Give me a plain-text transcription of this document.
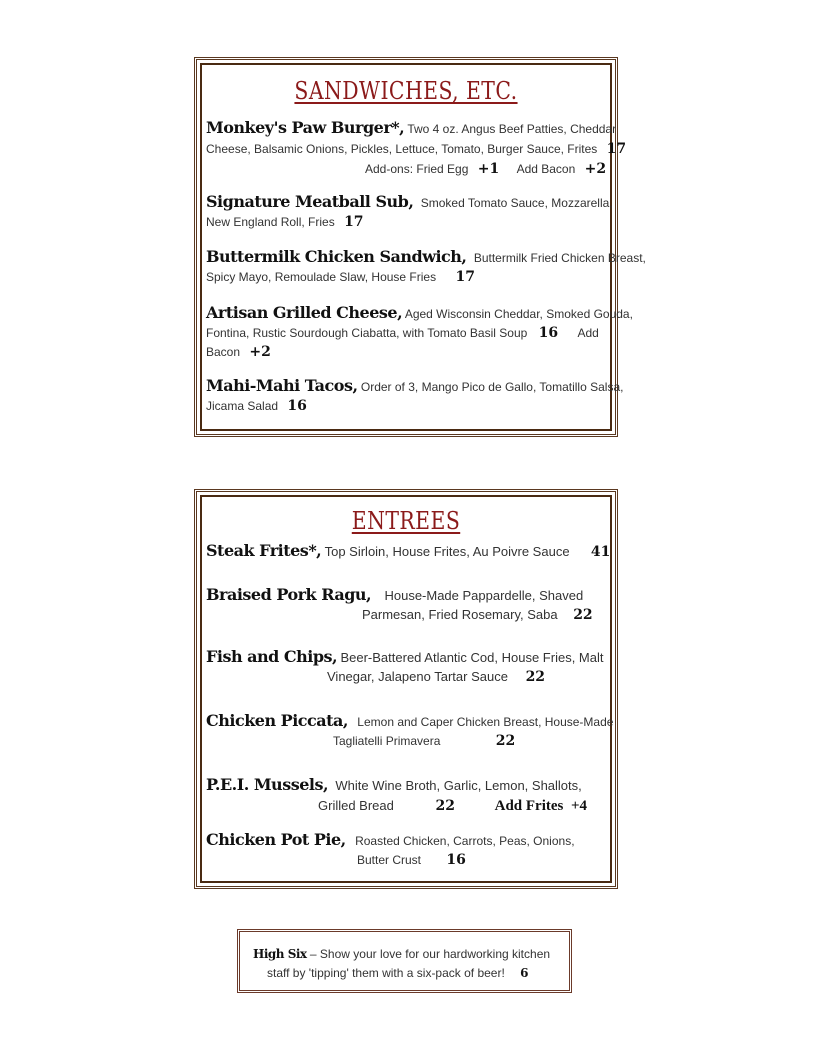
SANDWICHES, ETC.
Monkey's Paw Burger*, Two 4 oz. Angus Beef Patties, Cheddar
Cheese, Balsamic Onions, Pickles, Lettuce, Tomato, Burger Sauce, Frites 17
Add-ons: Fried Egg +1 Add Bacon +2
Signature Meatball Sub, Smoked Tomato Sauce, Mozzarella,
New England Roll, Fries 17
Buttermilk Chicken Sandwich, Buttermilk Fried Chicken Breast,
Spicy Mayo, Remoulade Slaw, House Fries 17
Artisan Grilled Cheese, Aged Wisconsin Cheddar, Smoked Gouda,
Fontina, Rustic Sourdough Ciabatta, with Tomato Basil Soup 16 Add
Bacon +2
Mahi-Mahi Tacos, Order of 3, Mango Pico de Gallo, Tomatillo Salsa,
Jicama Salad 16
ENTREES
Steak Frites*, Top Sirloin, House Frites, Au Poivre Sauce 41
Braised Pork Ragu, House-Made Pappardelle, Shaved
Parmesan, Fried Rosemary, Saba 22
Fish and Chips, Beer-Battered Atlantic Cod, House Fries, Malt
Vinegar, Jalapeno Tartar Sauce 22
Chicken Piccata, Lemon and Caper Chicken Breast, House-Made
Tagliatelli Primavera	22
P.E.I. Mussels, White Wine Broth, Garlic, Lemon, Shallots,
Grilled Bread	22	Add Frites +4
Chicken Pot Pie, Roasted Chicken, Carrots, Peas, Onions,
Butter Crust 16
High Six – Show your love for our hardworking kitchen
staff by 'tipping' them with a six-pack of beer! 6
